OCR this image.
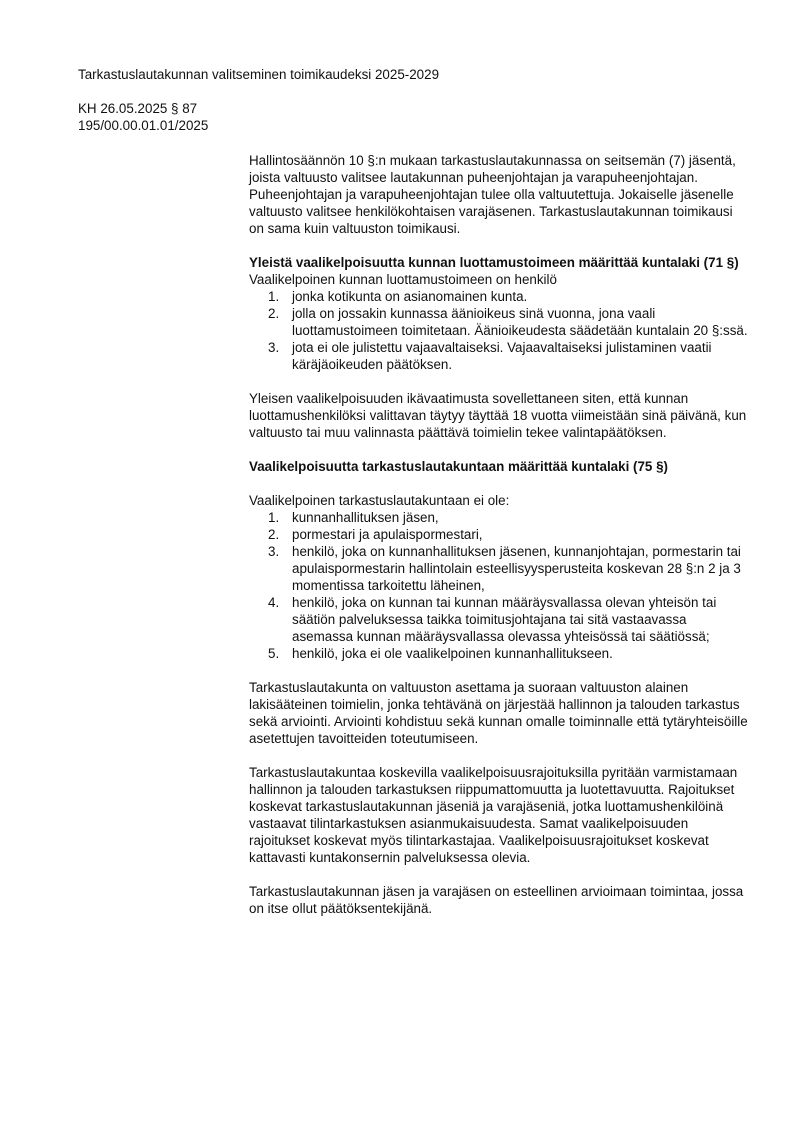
Tarkastuslautakunnan valitseminen toimikaudeksi 2025-2029

KH 26.05.2025 § 87

195/00.00.01.01/2025

Hallintosäännön 10 §:n mukaan tarkastuslautakunnassa on seitsemän (7) jäsentä, joista valtuusto valitsee lautakunnan puheenjohtajan ja varapuheenjohtajan. Puheenjohtajan ja varapuheenjohtajan tulee olla valtuutettuja. Jokaiselle jäsenelle valtuusto valitsee henkilökohtaisen varajäsenen. Tarkastuslautakunnan toimikausi on sama kuin valtuuston toimikausi.

Yleistä vaalikelpoisuutta kunnan luottamustoimeen määrittää kuntalaki (71 §)

Vaalikelpoinen kunnan luottamustoimeen on henkilö

1. jonka kotikunta on asianomainen kunta.
2. jolla on jossakin kunnassa äänioikeus sinä vuonna, jona vaali luottamustoimeen toimitetaan. Äänioikeudesta säädetään kuntalain 20 §:ssä.
3. jota ei ole julistettu vajaavaltaiseksi. Vajaavaltaiseksi julistaminen vaatii käräjäoikeuden päätöksen.

Yleisen vaalikelpoisuuden ikävaatimusta sovellettaneen siten, että kunnan luottamushenkilöksi valittavan täytyy täyttää 18 vuotta viimeistään sinä päivänä, kun valtuusto tai muu valinnasta päättävä toimielin tekee valintapäätöksen.

Vaalikelpoisuutta tarkastuslautakuntaan määrittää kuntalaki (75 §)

Vaalikelpoinen tarkastuslautakuntaan ei ole:

1. kunnanhallituksen jäsen,
2. pormestari ja apulaispormestari,
3. henkilö, joka on kunnanhallituksen jäsenen, kunnanjohtajan, pormestarin tai apulaispormestarin hallintolain esteellisyysperusteita koskevan 28 §:n 2 ja 3 momentissa tarkoitettu läheinen,
4. henkilö, joka on kunnan tai kunnan määräysvallassa olevan yhteisön tai säätiön palveluksessa taikka toimitusjohtajana tai sitä vastaavassa asemassa kunnan määräysvallassa olevassa yhteisössä tai säätiössä;
5. henkilö, joka ei ole vaalikelpoinen kunnanhallitukseen.

Tarkastuslautakunta on valtuuston asettama ja suoraan valtuuston alainen lakisääteinen toimielin, jonka tehtävänä on järjestää hallinnon ja talouden tarkastus sekä arviointi. Arviointi kohdistuu sekä kunnan omalle toiminnalle että tytäryhteisöille asetettujen tavoitteiden toteutumiseen.

Tarkastuslautakuntaa koskevilla vaalikelpoisuusrajoituksilla pyritään varmistamaan hallinnon ja talouden tarkastuksen riippumattomuutta ja luotettavuutta. Rajoitukset koskevat tarkastuslautakunnan jäseniä ja varajäseniä, jotka luottamushenkilöinä vastaavat tilintarkastuksen asianmukaisuudesta. Samat vaalikelpoisuuden rajoitukset koskevat myös tilintarkastajaa. Vaalikelpoisuusrajoitukset koskevat kattavasti kuntakonsernin palveluksessa olevia.

Tarkastuslautakunnan jäsen ja varajäsen on esteellinen arvioimaan toimintaa, jossa on itse ollut päätöksentekijänä.
